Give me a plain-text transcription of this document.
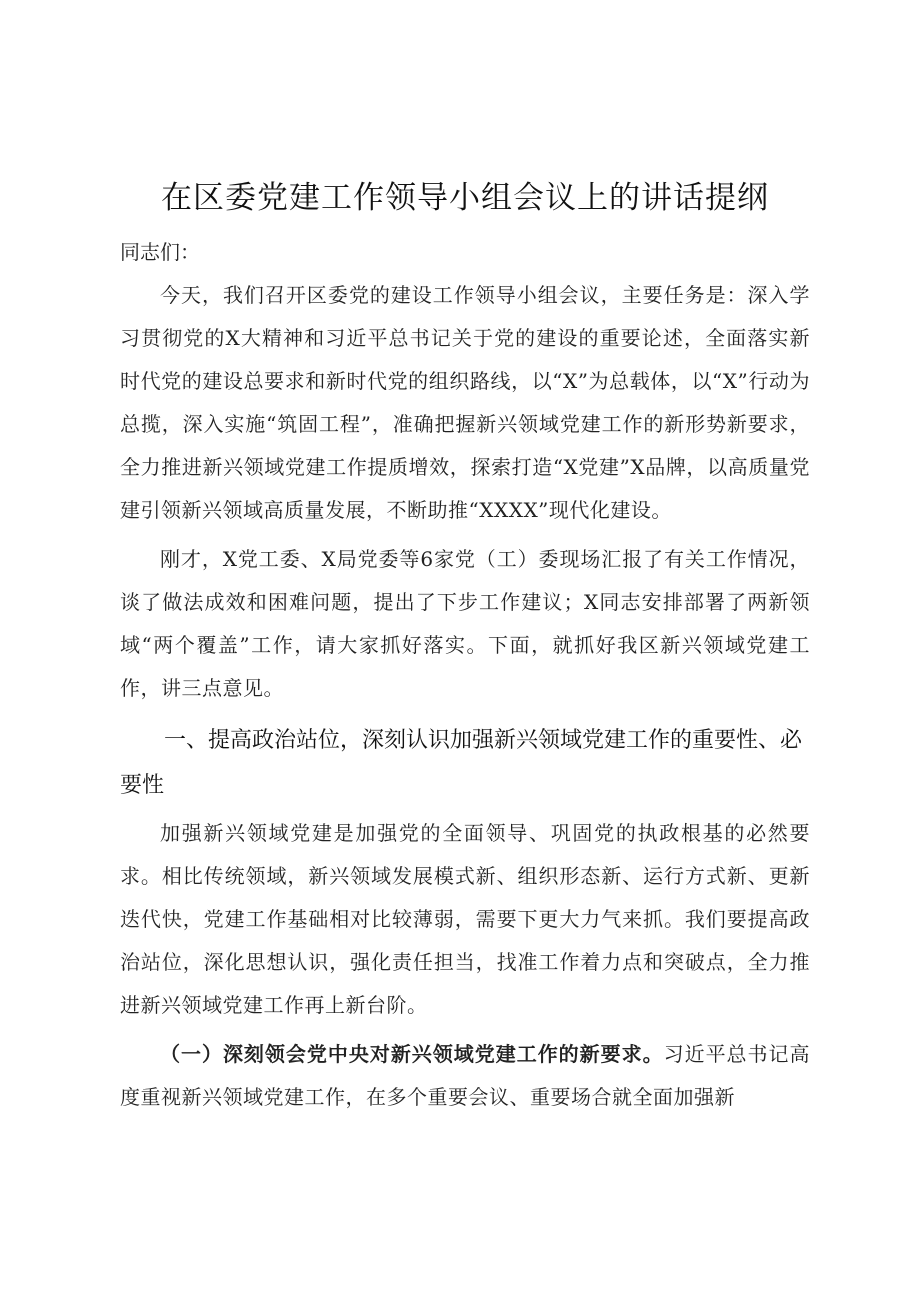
在区委党建工作领导小组会议上的讲话提纲

同志们：

今天，我们召开区委党的建设工作领导小组会议，主要任务是：深入学习贯彻党的X大精神和习近平总书记关于党的建设的重要论述，全面落实新时代党的建设总要求和新时代党的组织路线，以“X”为总载体，以“X”行动为总揽，深入实施“筑固工程”，准确把握新兴领域党建工作的新形势新要求，全力推进新兴领域党建工作提质增效，探索打造“X党建”X品牌，以高质量党建引领新兴领域高质量发展，不断助推“XXXX”现代化建设。

刚才，X党工委、X局党委等6家党（工）委现场汇报了有关工作情况，谈了做法成效和困难问题，提出了下步工作建议；X同志安排部署了两新领域“两个覆盖”工作，请大家抓好落实。下面，就抓好我区新兴领域党建工作，讲三点意见。

一、提高政治站位，深刻认识加强新兴领域党建工作的重要性、必要性

加强新兴领域党建是加强党的全面领导、巩固党的执政根基的必然要求。相比传统领域，新兴领域发展模式新、组织形态新、运行方式新、更新迭代快，党建工作基础相对比较薄弱，需要下更大力气来抓。我们要提高政治站位，深化思想认识，强化责任担当，找准工作着力点和突破点，全力推进新兴领域党建工作再上新台阶。

（一）深刻领会党中央对新兴领域党建工作的新要求。习近平总书记高度重视新兴领域党建工作，在多个重要会议、重要场合就全面加强新
